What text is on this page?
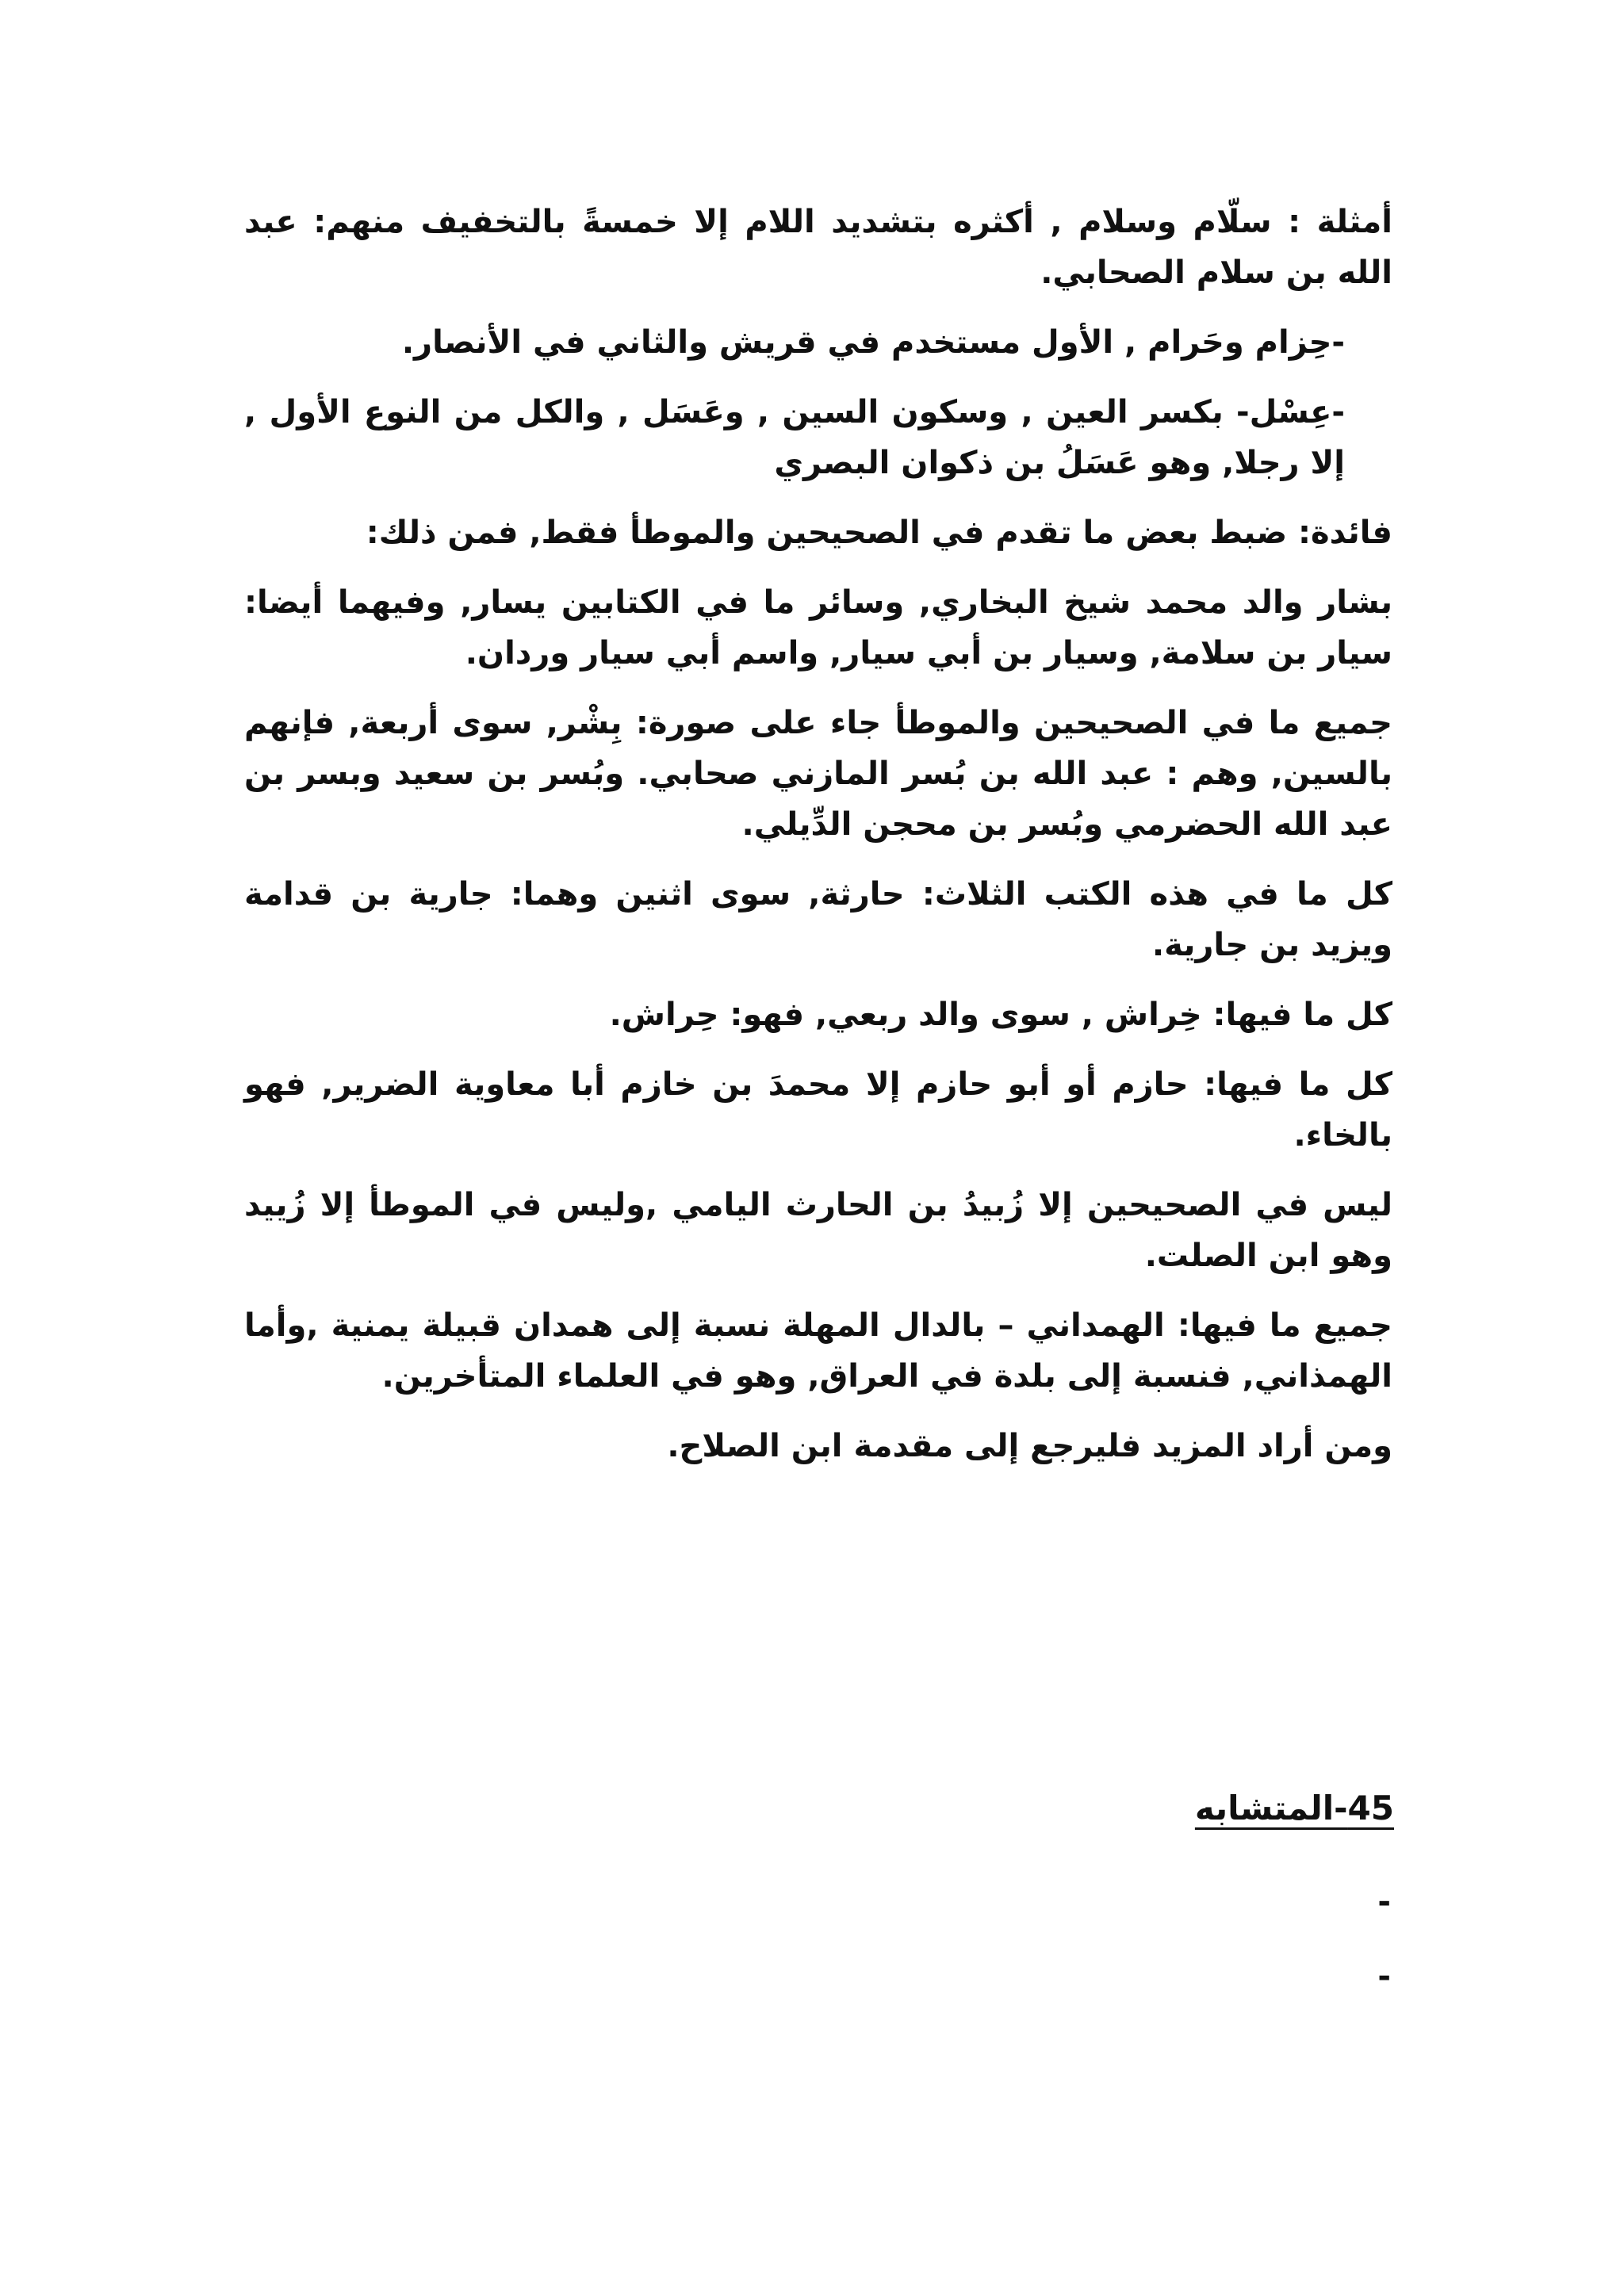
أمثلة : سلّام وسلام , أكثره بتشديد اللام إلا خمسةً بالتخفيف منهم: عبد الله بن سلام الصحابي.

-حِزام وحَرام , الأول مستخدم في قريش والثاني في الأنصار.

-عِسْل- بكسر العين , وسكون السين , وعَسَل , والكل من النوع الأول , إلا رجلا, وهو عَسَلُ بن ذكوان البصري

فائدة: ضبط بعض ما تقدم في الصحيحين والموطأ فقط, فمن ذلك:

بشار والد محمد شيخ البخاري, وسائر ما في الكتابين يسار, وفيهما أيضا: سيار بن سلامة, وسيار بن أبي سيار, واسم أبي سيار وردان.

جميع ما في الصحيحين والموطأ جاء على صورة: بِشْر, سوى أربعة, فإنهم بالسين, وهم : عبد الله بن بُسر المازني صحابي. وبُسر بن سعيد وبسر بن عبد الله الحضرمي وبُسر بن محجن الدِّيلي.

كل ما في هذه الكتب الثلاث: حارثة, سوى اثنين وهما: جارية بن قدامة ويزيد بن جارية.

كل ما فيها: خِراش , سوى والد ربعي, فهو: حِراش.

كل ما فيها: حازم أو أبو حازم إلا محمدَ بن خازم أبا معاوية الضرير, فهو بالخاء.

ليس في الصحيحين إلا زُبيدُ بن الحارث اليامي ,وليس في الموطأ إلا زُييد وهو ابن الصلت.

جميع ما فيها: الهمداني – بالدال المهلة نسبة إلى همدان قبيلة يمنية ,وأما الهمذاني, فنسبة إلى بلدة في العراق, وهو في العلماء المتأخرين.

ومن أراد المزيد فليرجع إلى مقدمة ابن الصلاح.

45-المتشابه
-
-
